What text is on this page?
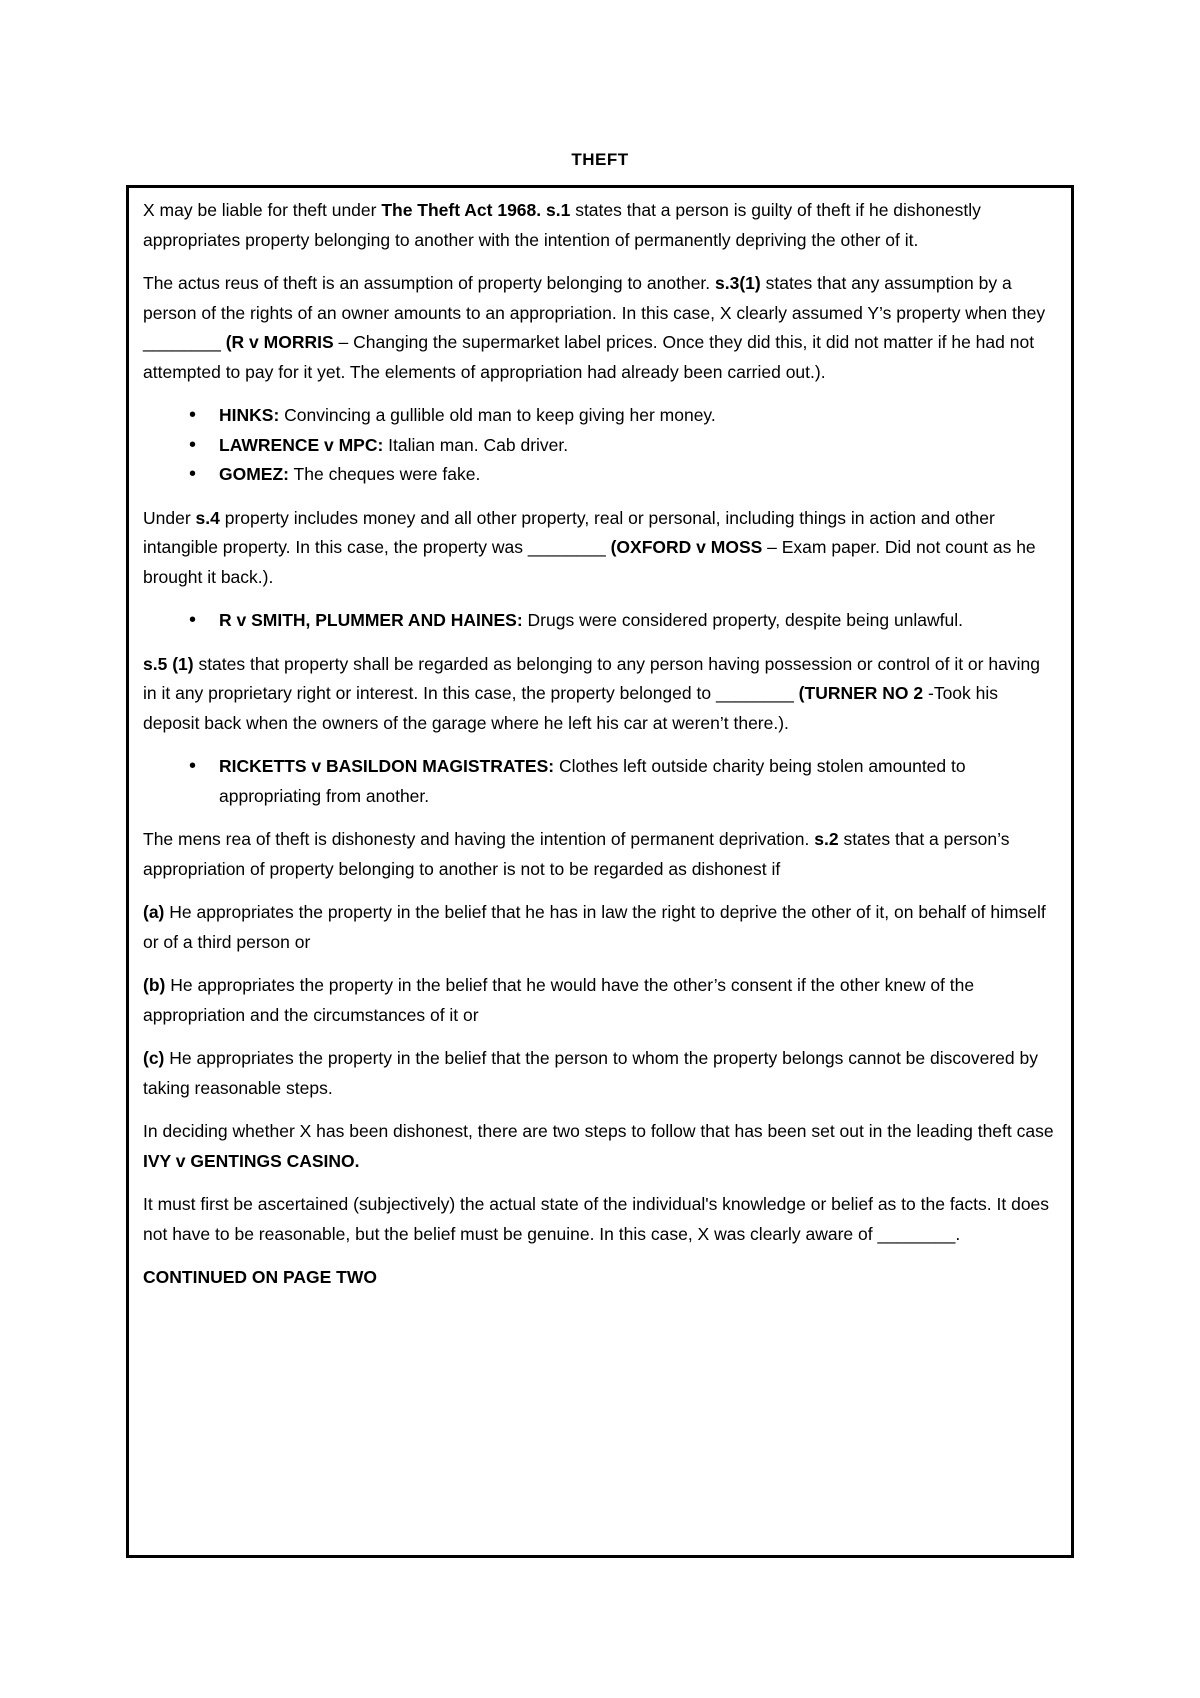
THEFT

X may be liable for theft under The Theft Act 1968. s.1 states that a person is guilty of theft if he dishonestly appropriates property belonging to another with the intention of permanently depriving the other of it.

The actus reus of theft is an assumption of property belonging to another. s.3(1) states that any assumption by a person of the rights of an owner amounts to an appropriation. In this case, X clearly assumed Y’s property when they ________ (R v MORRIS – Changing the supermarket label prices. Once they did this, it did not matter if he had not attempted to pay for it yet. The elements of appropriation had already been carried out.).

• HINKS: Convincing a gullible old man to keep giving her money.
• LAWRENCE v MPC: Italian man. Cab driver.
• GOMEZ: The cheques were fake.

Under s.4 property includes money and all other property, real or personal, including things in action and other intangible property. In this case, the property was ________ (OXFORD v MOSS – Exam paper. Did not count as he brought it back.).

• R v SMITH, PLUMMER AND HAINES: Drugs were considered property, despite being unlawful.

s.5 (1) states that property shall be regarded as belonging to any person having possession or control of it or having in it any proprietary right or interest. In this case, the property belonged to ________ (TURNER NO 2 -Took his deposit back when the owners of the garage where he left his car at weren’t there.).

• RICKETTS v BASILDON MAGISTRATES: Clothes left outside charity being stolen amounted to appropriating from another.

The mens rea of theft is dishonesty and having the intention of permanent deprivation. s.2 states that a person’s appropriation of property belonging to another is not to be regarded as dishonest if

(a) He appropriates the property in the belief that he has in law the right to deprive the other of it, on behalf of himself or of a third person or

(b) He appropriates the property in the belief that he would have the other’s consent if the other knew of the appropriation and the circumstances of it or

(c) He appropriates the property in the belief that the person to whom the property belongs cannot be discovered by taking reasonable steps.

In deciding whether X has been dishonest, there are two steps to follow that has been set out in the leading theft case IVY v GENTINGS CASINO.

It must first be ascertained (subjectively) the actual state of the individual's knowledge or belief as to the facts. It does not have to be reasonable, but the belief must be genuine. In this case, X was clearly aware of ________.

CONTINUED ON PAGE TWO
